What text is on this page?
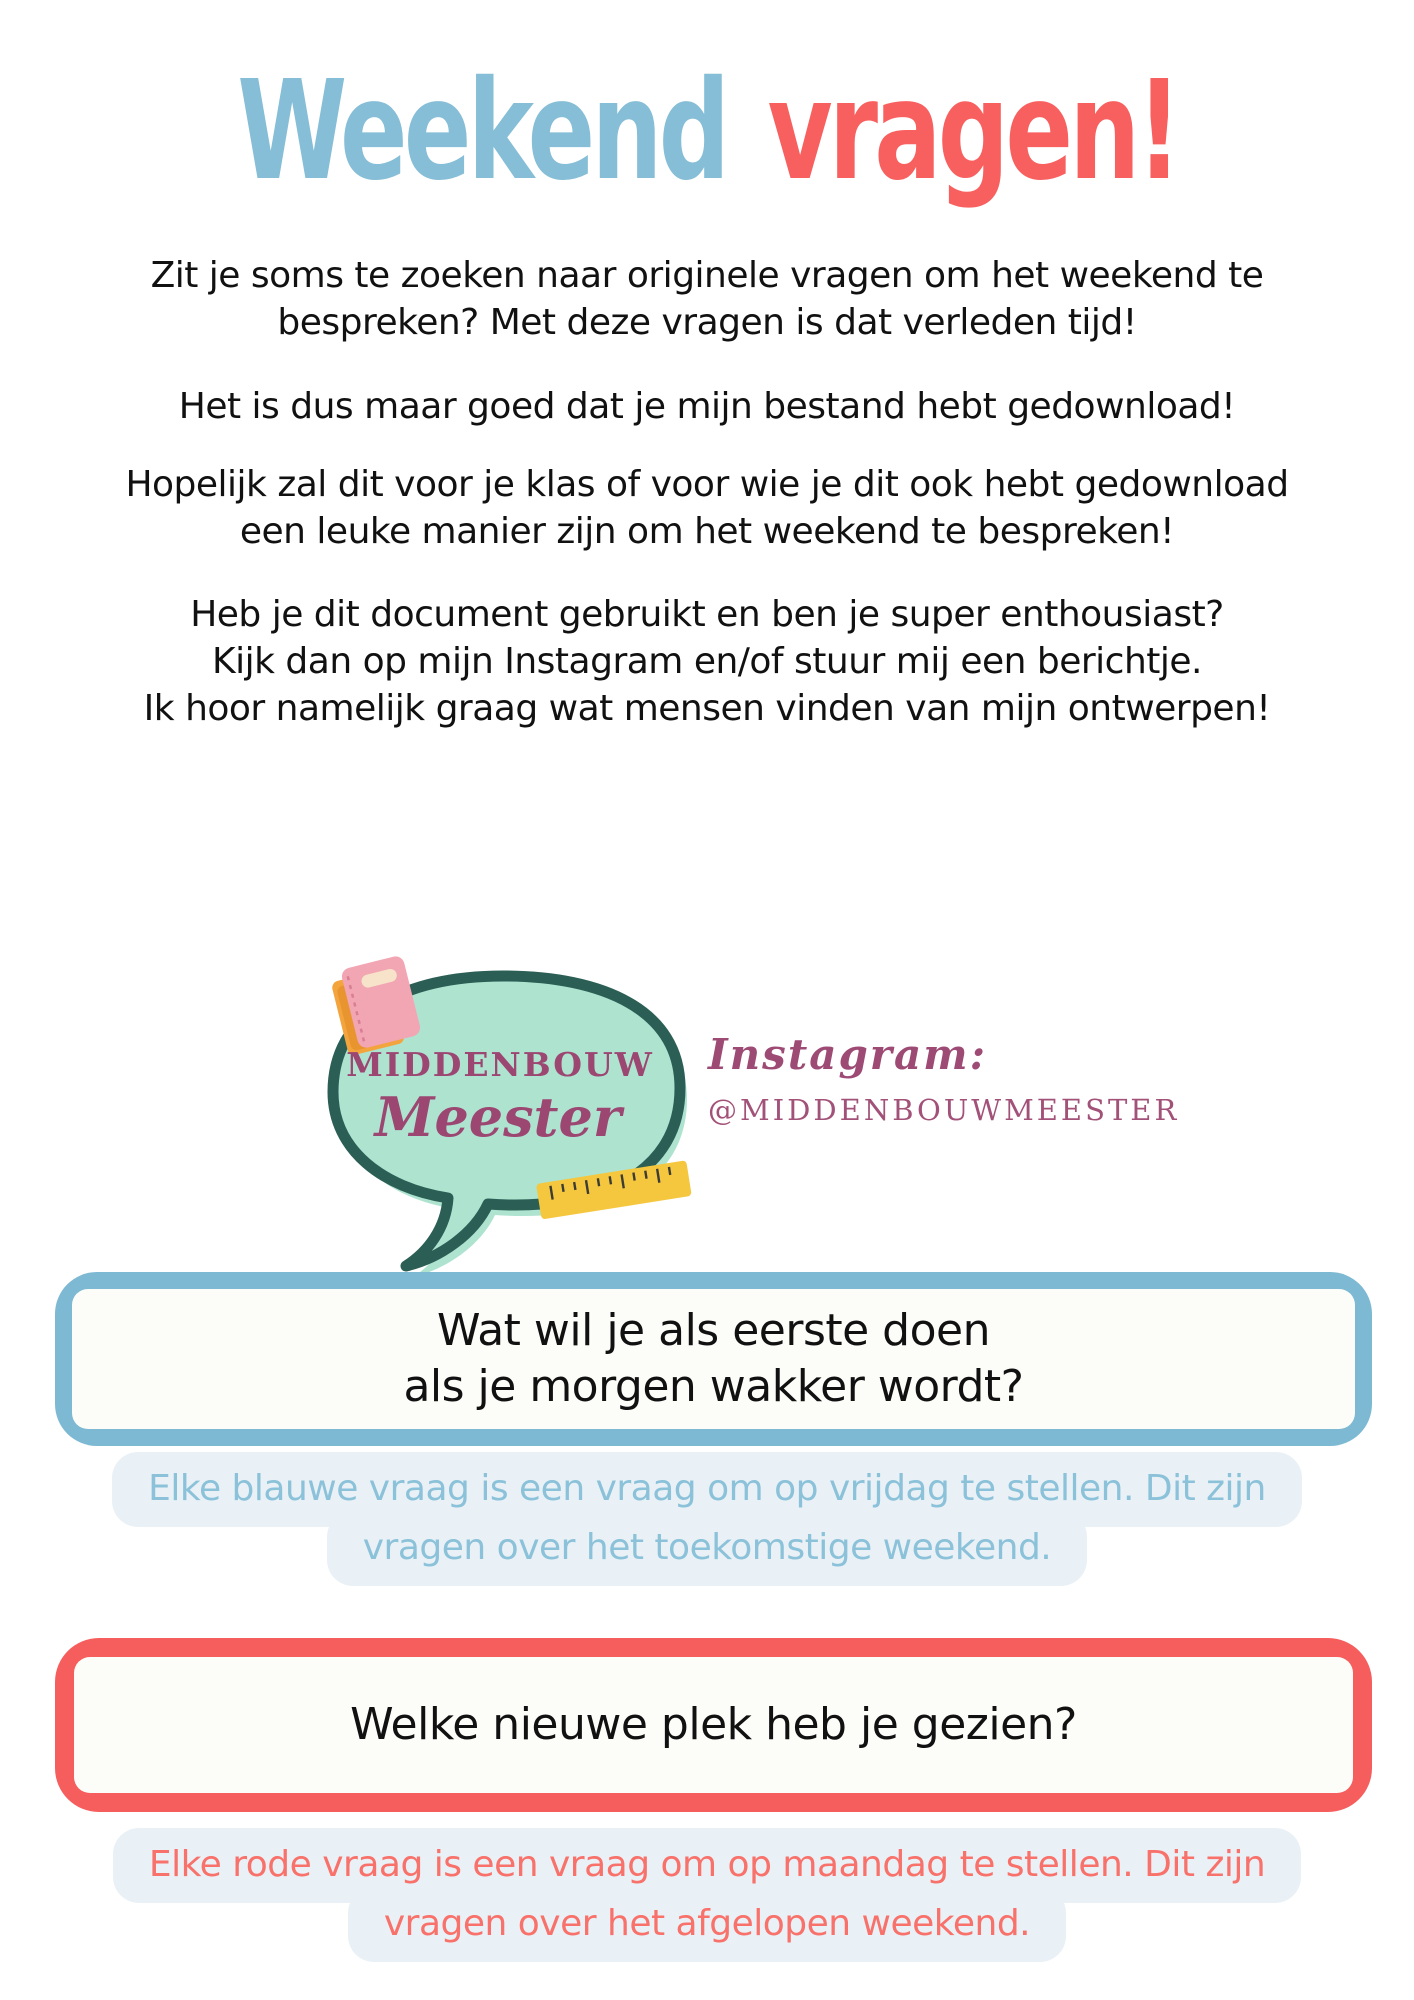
Weekend vragen!
Zit je soms te zoeken naar originele vragen om het weekend te
bespreken? Met deze vragen is dat verleden tijd!
Het is dus maar goed dat je mijn bestand hebt gedownload!
Hopelijk zal dit voor je klas of voor wie je dit ook hebt gedownload
een leuke manier zijn om het weekend te bespreken!
Heb je dit document gebruikt en ben je super enthousiast?
Kijk dan op mijn Instagram en/of stuur mij een berichtje.
Ik hoor namelijk graag wat mensen vinden van mijn ontwerpen!
MIDDENBOUW
Meester
Instagram:
@MIDDENBOUWMEESTER
Wat wil je als eerste doen
als je morgen wakker wordt?
Elke blauwe vraag is een vraag om op vrijdag te stellen. Dit zijn
vragen over het toekomstige weekend.
Welke nieuwe plek heb je gezien?
Elke rode vraag is een vraag om op maandag te stellen. Dit zijn
vragen over het afgelopen weekend.
